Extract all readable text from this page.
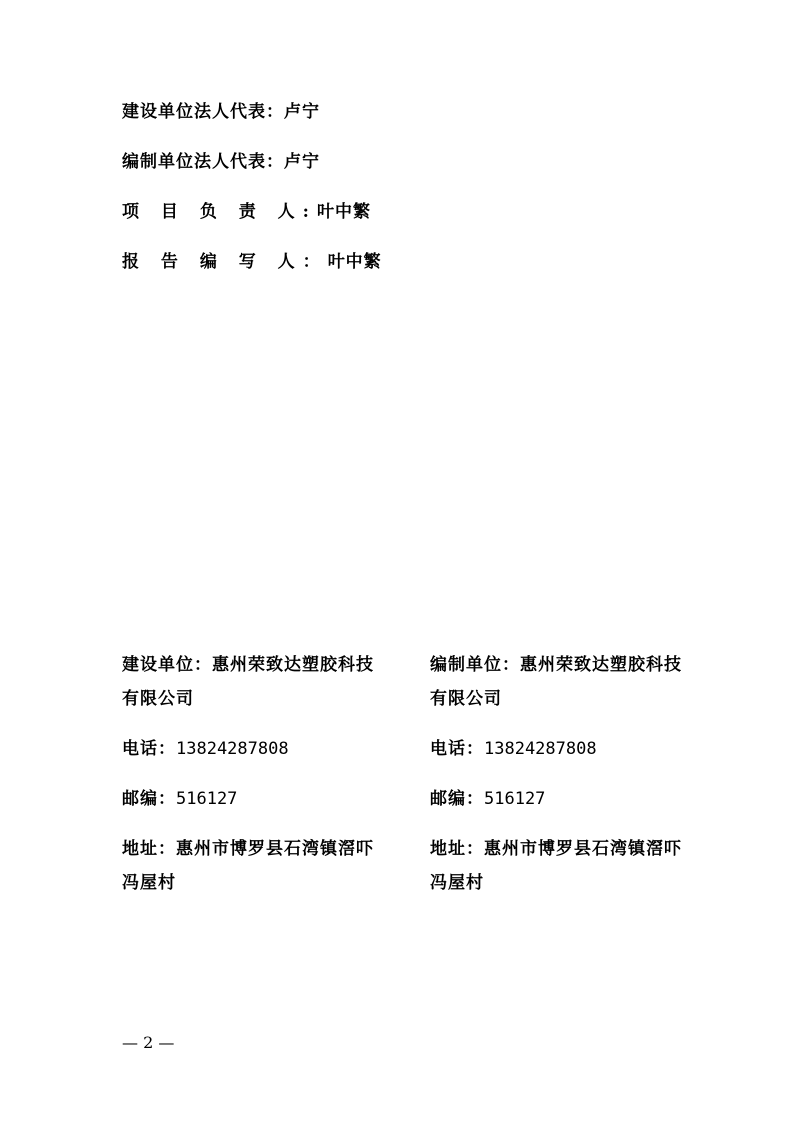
建设单位法人代表：卢宁
编制单位法人代表：卢宁
项 目 负 责 人:叶中繁
报 告 编 写 人：叶中繁
建设单位：惠州荣致达塑胶科技
有限公司
电话：13824287808
邮编：516127
地址：惠州市博罗县石湾镇滘吓
冯屋村
编制单位：惠州荣致达塑胶科技
有限公司
电话：13824287808
邮编：516127
地址：惠州市博罗县石湾镇滘吓
冯屋村
— 2 —
